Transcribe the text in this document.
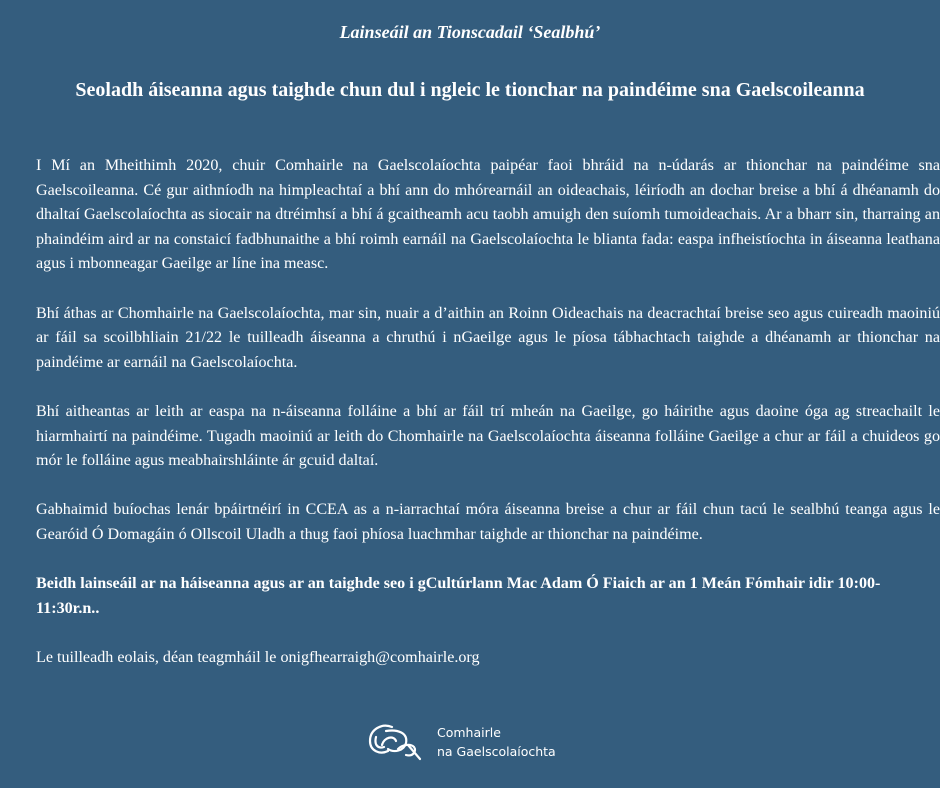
Lainseáil an Tionscadail ‘Sealbhú’
Seoladh áiseanna agus taighde chun dul i ngleic le tionchar na paindéime sna Gaelscoileanna

I Mí an Mheithimh 2020, chuir Comhairle na Gaelscolaíochta paipéar faoi bhráid na n-údarás ar thionchar na paindéime sna Gaelscoileanna. Cé gur aithníodh na himpleachtaí a bhí ann do mhórearnáil an oideachais, léiríodh an dochar breise a bhí á dhéanamh do dhaltaí Gaelscolaíochta as siocair na dtréimhsí a bhí á gcaitheamh acu taobh amuigh den suíomh tumoideachais. Ar a bharr sin, tharraing an phaindéim aird ar na constaicí fadbhunaithe a bhí roimh earnáil na Gaelscolaíochta le blianta fada: easpa infheistíochta in áiseanna leathana agus i mbonneagar Gaeilge ar líne ina measc.

Bhí áthas ar Chomhairle na Gaelscolaíochta, mar sin, nuair a d’aithin an Roinn Oideachais na deacrachtaí breise seo agus cuireadh maoiniú ar fáil sa scoilbhliain 21/22 le tuilleadh áiseanna a chruthú i nGaeilge agus le píosa tábhachtach taighde a dhéanamh ar thionchar na paindéime ar earnáil na Gaelscolaíochta.

Bhí aitheantas ar leith ar easpa na n-áiseanna folláine a bhí ar fáil trí mheán na Gaeilge, go háirithe agus daoine óga ag streachailt le hiarmhairtí na paindéime. Tugadh maoiniú ar leith do Chomhairle na Gaelscolaíochta áiseanna folláine Gaeilge a chur ar fáil a chuideos go mór le folláine agus meabhairshláinte ár gcuid daltaí.

Gabhaimid buíochas lenár bpáirtnéirí in CCEA as a n-iarrachtaí móra áiseanna breise a chur ar fáil chun tacú le sealbhú teanga agus le Gearóid Ó Domagáin ó Ollscoil Uladh a thug faoi phíosa luachmhar taighde ar thionchar na paindéime.

Beidh lainseáil ar na háiseanna agus ar an taighde seo i gCultúrlann Mac Adam Ó Fiaich ar an 1 Meán Fómhair idir 10:00-11:30r.n..

Le tuilleadh eolais, déan teagmháil le onigfhearraigh@comhairle.org

Comhairle
na Gaelscolaíochta
